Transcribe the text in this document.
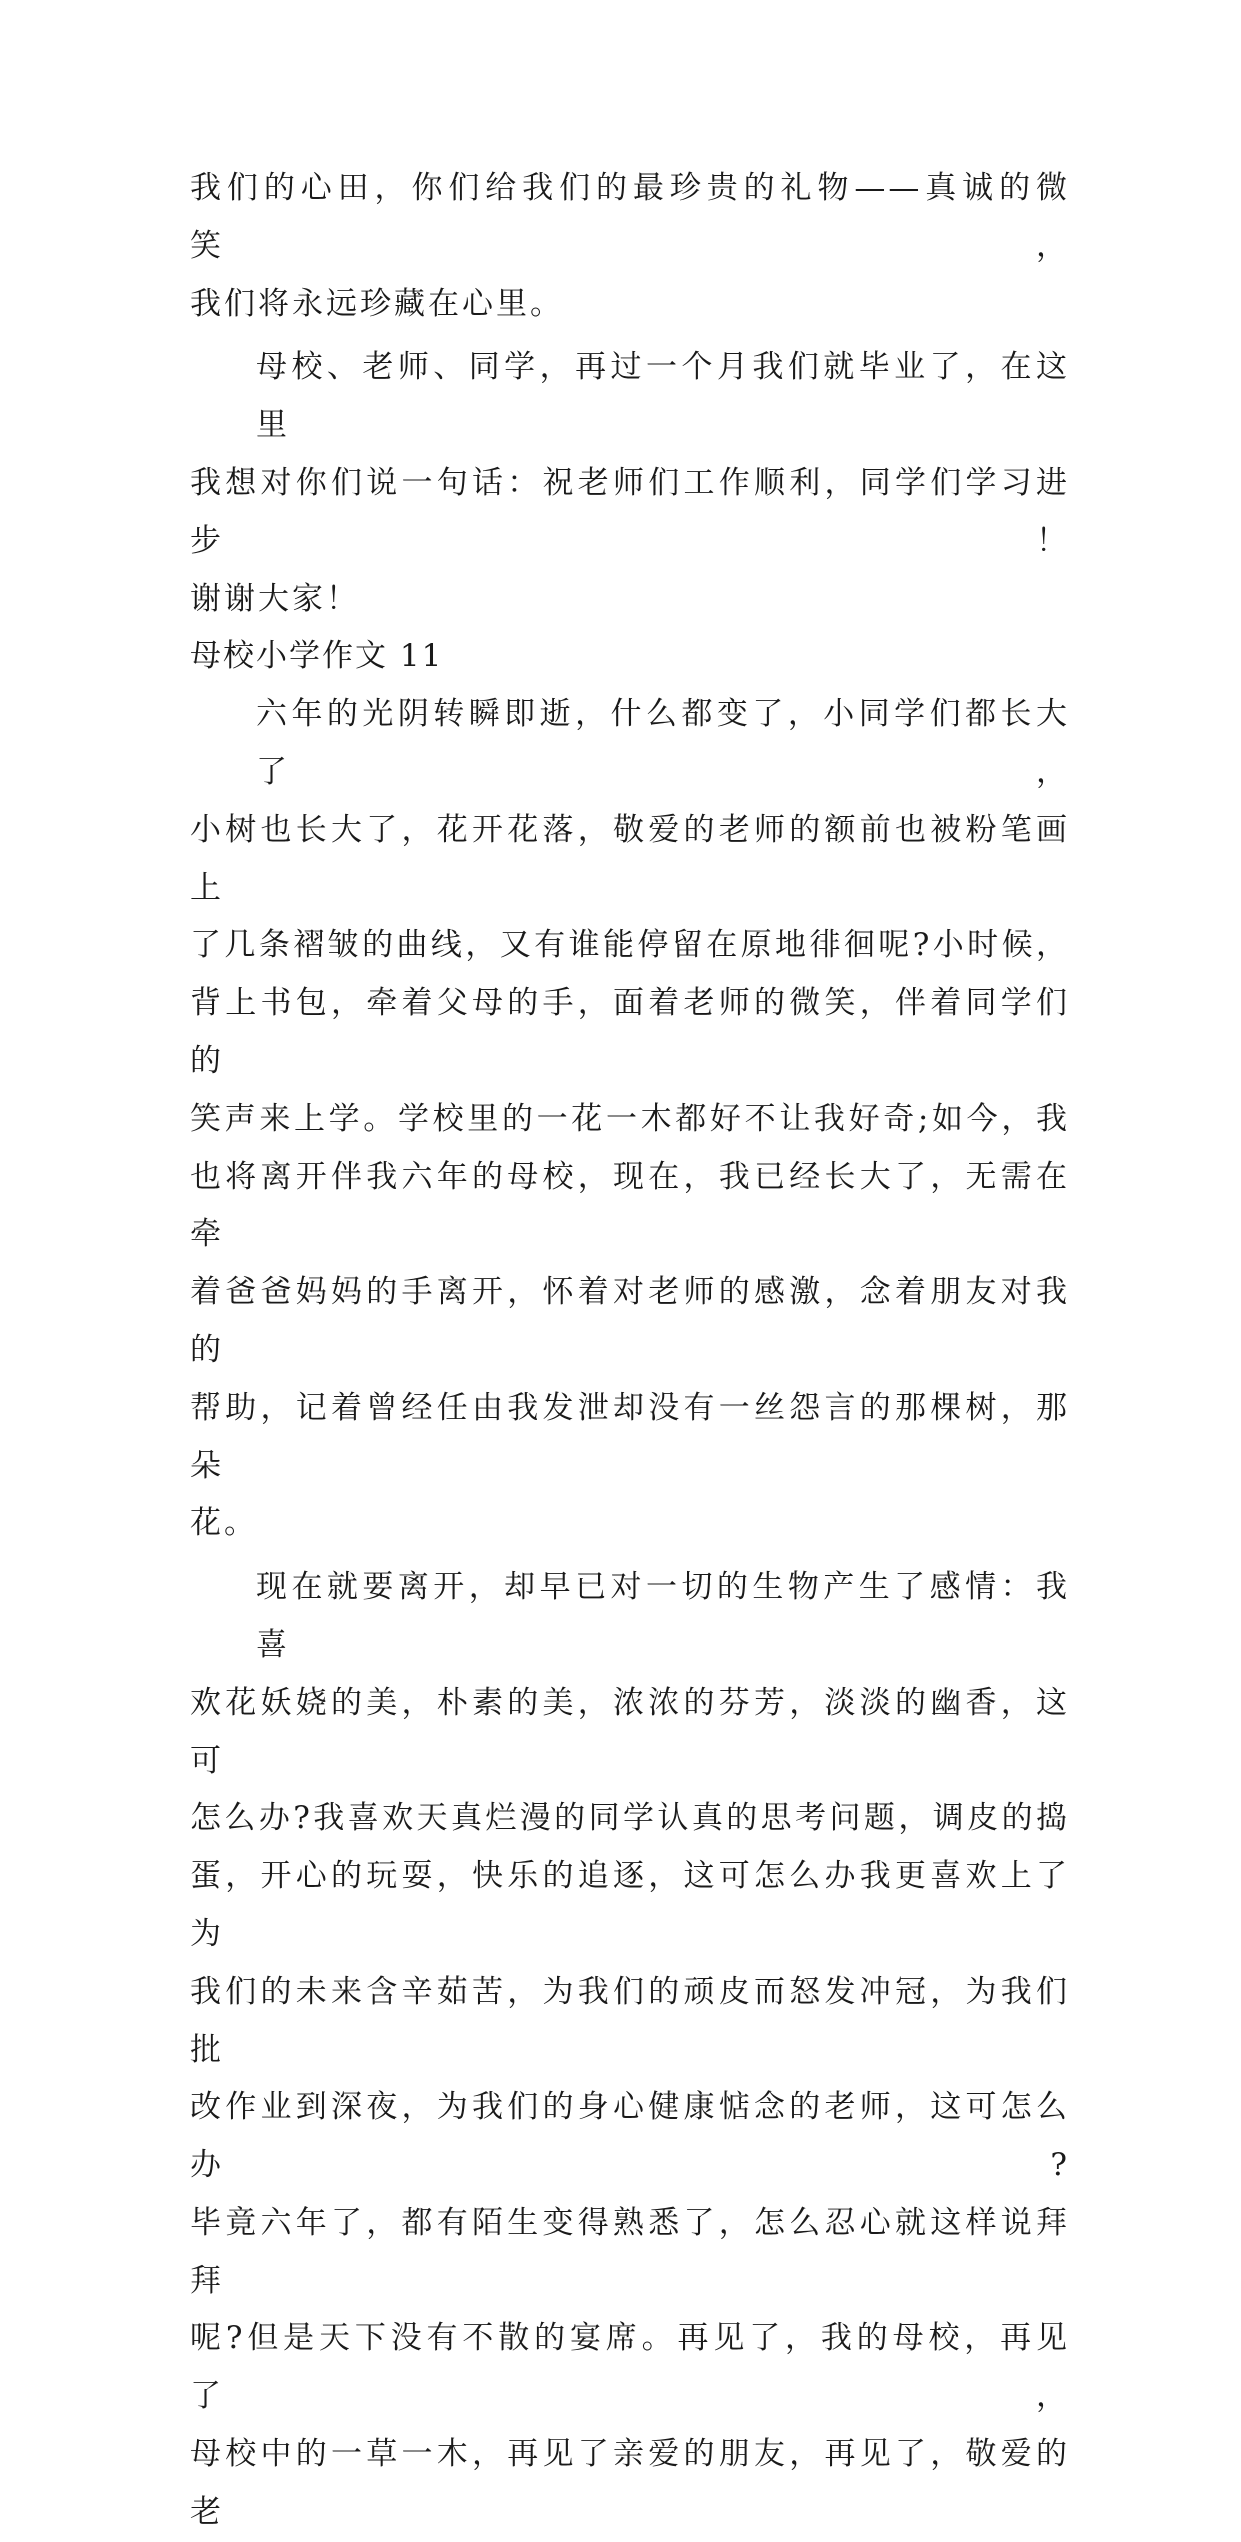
我们的心田，你们给我们的最珍贵的礼物——真诚的微笑，
我们将永远珍藏在心里。
母校、老师、同学，再过一个月我们就毕业了，在这里
我想对你们说一句话：祝老师们工作顺利，同学们学习进步！
谢谢大家！
母校小学作文 11
六年的光阴转瞬即逝，什么都变了，小同学们都长大了，
小树也长大了，花开花落，敬爱的老师的额前也被粉笔画上
了几条褶皱的曲线，又有谁能停留在原地徘徊呢?小时候，
背上书包，牵着父母的手，面着老师的微笑，伴着同学们的
笑声来上学。学校里的一花一木都好不让我好奇;如今，我
也将离开伴我六年的母校，现在，我已经长大了，无需在牵
着爸爸妈妈的手离开，怀着对老师的感激，念着朋友对我的
帮助，记着曾经任由我发泄却没有一丝怨言的那棵树，那朵
花。
现在就要离开，却早已对一切的生物产生了感情：我喜
欢花妖娆的美，朴素的美，浓浓的芬芳，淡淡的幽香，这可
怎么办?我喜欢天真烂漫的同学认真的思考问题，调皮的捣
蛋，开心的玩耍，快乐的追逐，这可怎么办我更喜欢上了为
我们的未来含辛茹苦，为我们的顽皮而怒发冲冠，为我们批
改作业到深夜，为我们的身心健康惦念的老师，这可怎么办?
毕竟六年了，都有陌生变得熟悉了，怎么忍心就这样说拜拜
呢?但是天下没有不散的宴席。再见了，我的母校，再见了，
母校中的一草一木，再见了亲爱的朋友，再见了，敬爱的老
